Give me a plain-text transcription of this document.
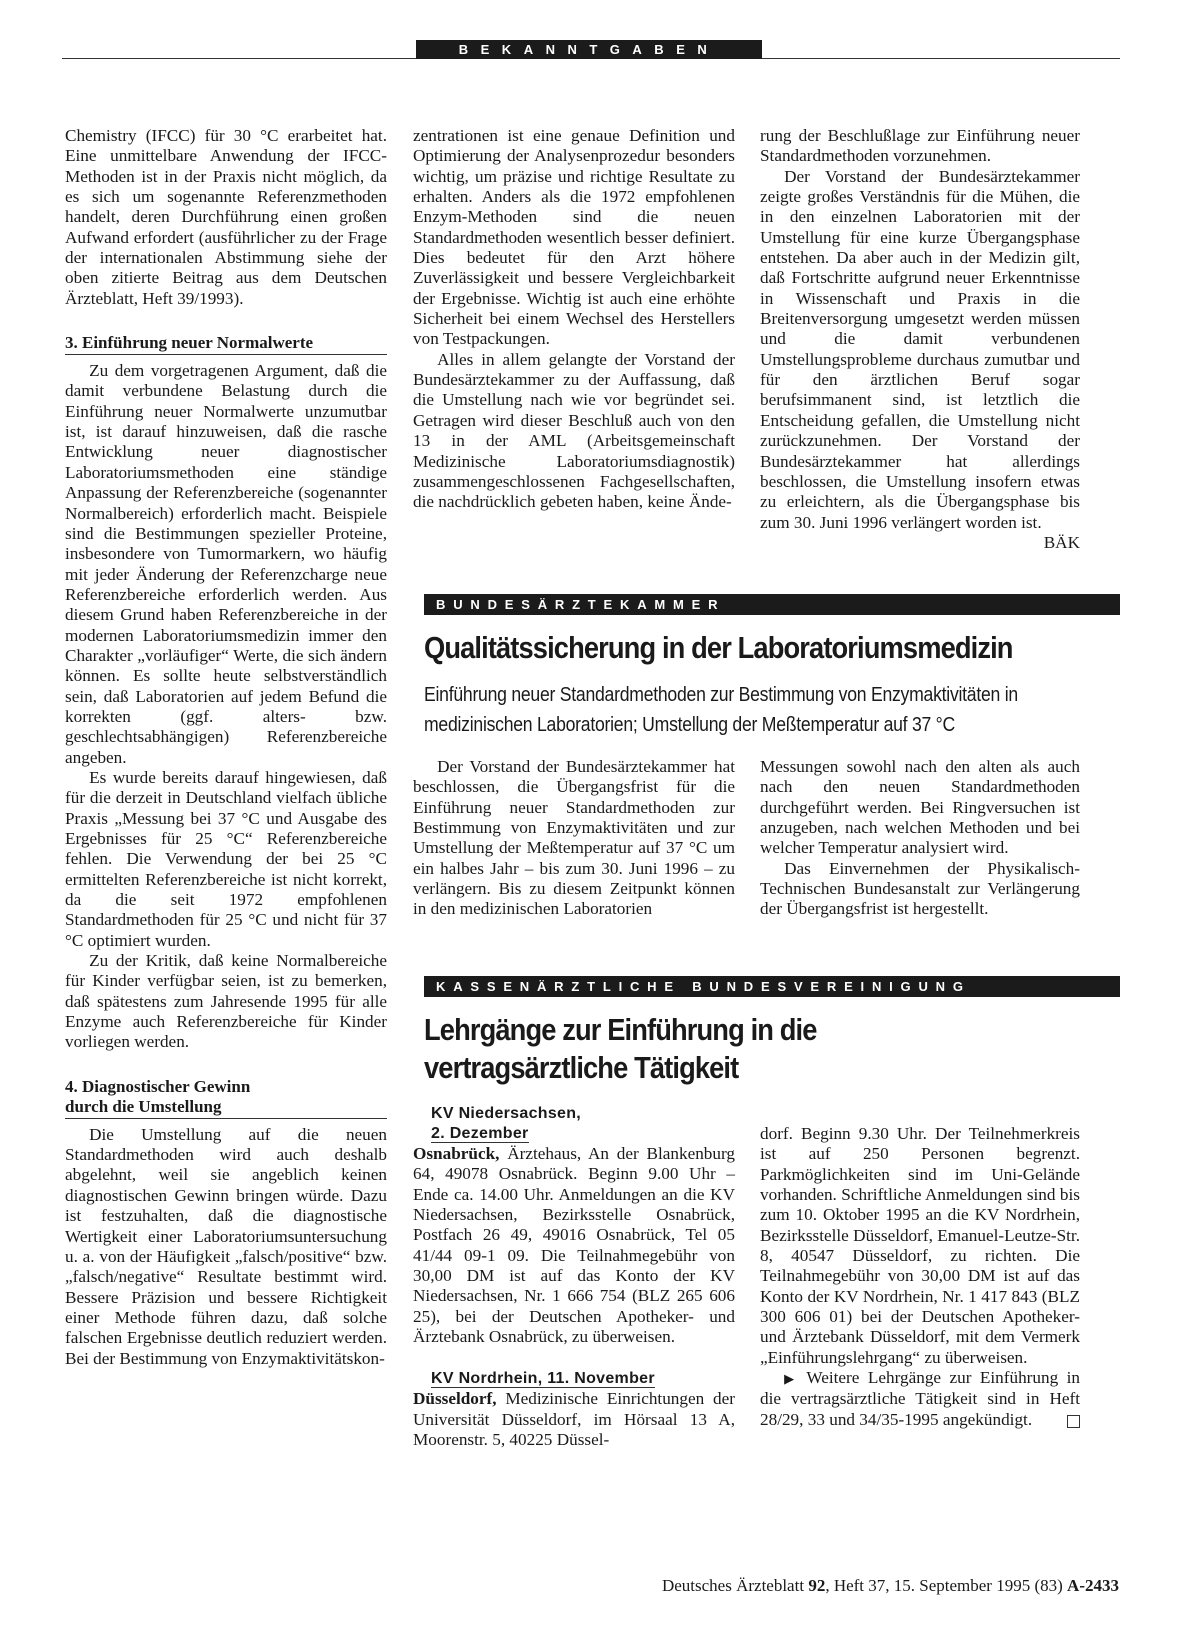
BEKANNTGABEN

Chemistry (IFCC) für 30 °C erarbeitet hat. Eine unmittelbare Anwendung der IFCC-Methoden ist in der Praxis nicht möglich, da es sich um sogenannte Referenzmethoden handelt, deren Durchführung einen großen Aufwand erfordert (ausführlicher zu der Frage der internationalen Abstimmung siehe der oben zitierte Beitrag aus dem Deutschen Ärzteblatt, Heft 39/1993).

3. Einführung neuer Normalwerte

Zu dem vorgetragenen Argument, daß die damit verbundene Belastung durch die Einführung neuer Normalwerte unzumutbar ist, ist darauf hinzuweisen, daß die rasche Entwicklung neuer diagnostischer Laboratoriumsmethoden eine ständige Anpassung der Referenzbereiche (sogenannter Normalbereich) erforderlich macht. Beispiele sind die Bestimmungen spezieller Proteine, insbesondere von Tumormarkern, wo häufig mit jeder Änderung der Referenzcharge neue Referenzbereiche erforderlich werden. Aus diesem Grund haben Referenzbereiche in der modernen Laboratoriumsmedizin immer den Charakter „vorläufiger“ Werte, die sich ändern können. Es sollte heute selbstverständlich sein, daß Laboratorien auf jedem Befund die korrekten (ggf. alters- bzw. geschlechtsabhängigen) Referenzbereiche angeben.

Es wurde bereits darauf hingewiesen, daß für die derzeit in Deutschland vielfach übliche Praxis „Messung bei 37 °C und Ausgabe des Ergebnisses für 25 °C“ Referenzbereiche fehlen. Die Verwendung der bei 25 °C ermittelten Referenzbereiche ist nicht korrekt, da die seit 1972 empfohlenen Standardmethoden für 25 °C und nicht für 37 °C optimiert wurden.

Zu der Kritik, daß keine Normalbereiche für Kinder verfügbar seien, ist zu bemerken, daß spätestens zum Jahresende 1995 für alle Enzyme auch Referenzbereiche für Kinder vorliegen werden.

4. Diagnostischer Gewinn
durch die Umstellung

Die Umstellung auf die neuen Standardmethoden wird auch deshalb abgelehnt, weil sie angeblich keinen diagnostischen Gewinn bringen würde. Dazu ist festzuhalten, daß die diagnostische Wertigkeit einer Laboratoriumsuntersuchung u. a. von der Häufigkeit „falsch/positive“ bzw. „falsch/negative“ Resultate bestimmt wird. Bessere Präzision und bessere Richtigkeit einer Methode führen dazu, daß solche falschen Ergebnisse deutlich reduziert werden. Bei der Bestimmung von Enzymaktivitätskon-

zentrationen ist eine genaue Definition und Optimierung der Analysenprozedur besonders wichtig, um präzise und richtige Resultate zu erhalten. Anders als die 1972 empfohlenen Enzym-Methoden sind die neuen Standardmethoden wesentlich besser definiert. Dies bedeutet für den Arzt höhere Zuverlässigkeit und bessere Vergleichbarkeit der Ergebnisse. Wichtig ist auch eine erhöhte Sicherheit bei einem Wechsel des Herstellers von Testpackungen.

Alles in allem gelangte der Vorstand der Bundesärztekammer zu der Auffassung, daß die Umstellung nach wie vor begründet sei. Getragen wird dieser Beschluß auch von den 13 in der AML (Arbeitsgemeinschaft Medizinische Laboratoriumsdiagnostik) zusammengeschlossenen Fachgesellschaften, die nachdrücklich gebeten haben, keine Ände-

rung der Beschlußlage zur Einführung neuer Standardmethoden vorzunehmen.

Der Vorstand der Bundesärztekammer zeigte großes Verständnis für die Mühen, die in den einzelnen Laboratorien mit der Umstellung für eine kurze Übergangsphase entstehen. Da aber auch in der Medizin gilt, daß Fortschritte aufgrund neuer Erkenntnisse in Wissenschaft und Praxis in die Breitenversorgung umgesetzt werden müssen und die damit verbundenen Umstellungsprobleme durchaus zumutbar und für den ärztlichen Beruf sogar berufsimmanent sind, ist letztlich die Entscheidung gefallen, die Umstellung nicht zurückzunehmen. Der Vorstand der Bundesärztekammer hat allerdings beschlossen, die Umstellung insofern etwas zu erleichtern, als die Übergangsphase bis zum 30. Juni 1996 verlängert worden ist.
BÄK

BUNDESÄRZTEKAMMER
Qualitätssicherung in der Laboratoriumsmedizin
Einführung neuer Standardmethoden zur Bestimmung von Enzymaktivitäten in
medizinischen Laboratorien; Umstellung der Meßtemperatur auf 37 °C

Der Vorstand der Bundesärztekammer hat beschlossen, die Übergangsfrist für die Einführung neuer Standardmethoden zur Bestimmung von Enzymaktivitäten und zur Umstellung der Meßtemperatur auf 37 °C um ein halbes Jahr – bis zum 30. Juni 1996 – zu verlängern. Bis zu diesem Zeitpunkt können in den medizinischen Laboratorien

Messungen sowohl nach den alten als auch nach den neuen Standardmethoden durchgeführt werden. Bei Ringversuchen ist anzugeben, nach welchen Methoden und bei welcher Temperatur analysiert wird.

Das Einvernehmen der Physikalisch-Technischen Bundesanstalt zur Verlängerung der Übergangsfrist ist hergestellt.

KASSENÄRZTLICHE BUNDESVEREINIGUNG
Lehrgänge zur Einführung in die
vertragsärztliche Tätigkeit
KV Niedersachsen,
2. Dezember

Osnabrück, Ärztehaus, An der Blankenburg 64, 49078 Osnabrück. Beginn 9.00 Uhr – Ende ca. 14.00 Uhr. Anmeldungen an die KV Niedersachsen, Bezirksstelle Osnabrück, Postfach 26 49, 49016 Osnabrück, Tel 05 41/44 09-1 09. Die Teilnahmegebühr von 30,00 DM ist auf das Konto der KV Niedersachsen, Nr. 1 666 754 (BLZ 265 606 25), bei der Deutschen Apotheker- und Ärztebank Osnabrück, zu überweisen.

KV Nordrhein, 11. November

Düsseldorf, Medizinische Einrichtungen der Universität Düsseldorf, im Hörsaal 13 A, Moorenstr. 5, 40225 Düssel-

dorf. Beginn 9.30 Uhr. Der Teilnehmerkreis ist auf 250 Personen begrenzt. Parkmöglichkeiten sind im Uni-Gelände vorhanden. Schriftliche Anmeldungen sind bis zum 10. Oktober 1995 an die KV Nordrhein, Bezirksstelle Düsseldorf, Emanuel-Leutze-Str. 8, 40547 Düsseldorf, zu richten. Die Teilnahmegebühr von 30,00 DM ist auf das Konto der KV Nordrhein, Nr. 1 417 843 (BLZ 300 606 01) bei der Deutschen Apotheker- und Ärztebank Düsseldorf, mit dem Vermerk „Einführungslehrgang“ zu überweisen.

▶ Weitere Lehrgänge zur Einführung in die vertragsärztliche Tätigkeit sind in Heft 28/29, 33 und 34/35-1995 angekündigt.

Deutsches Ärzteblatt 92, Heft 37, 15. September 1995 (83) A-2433
